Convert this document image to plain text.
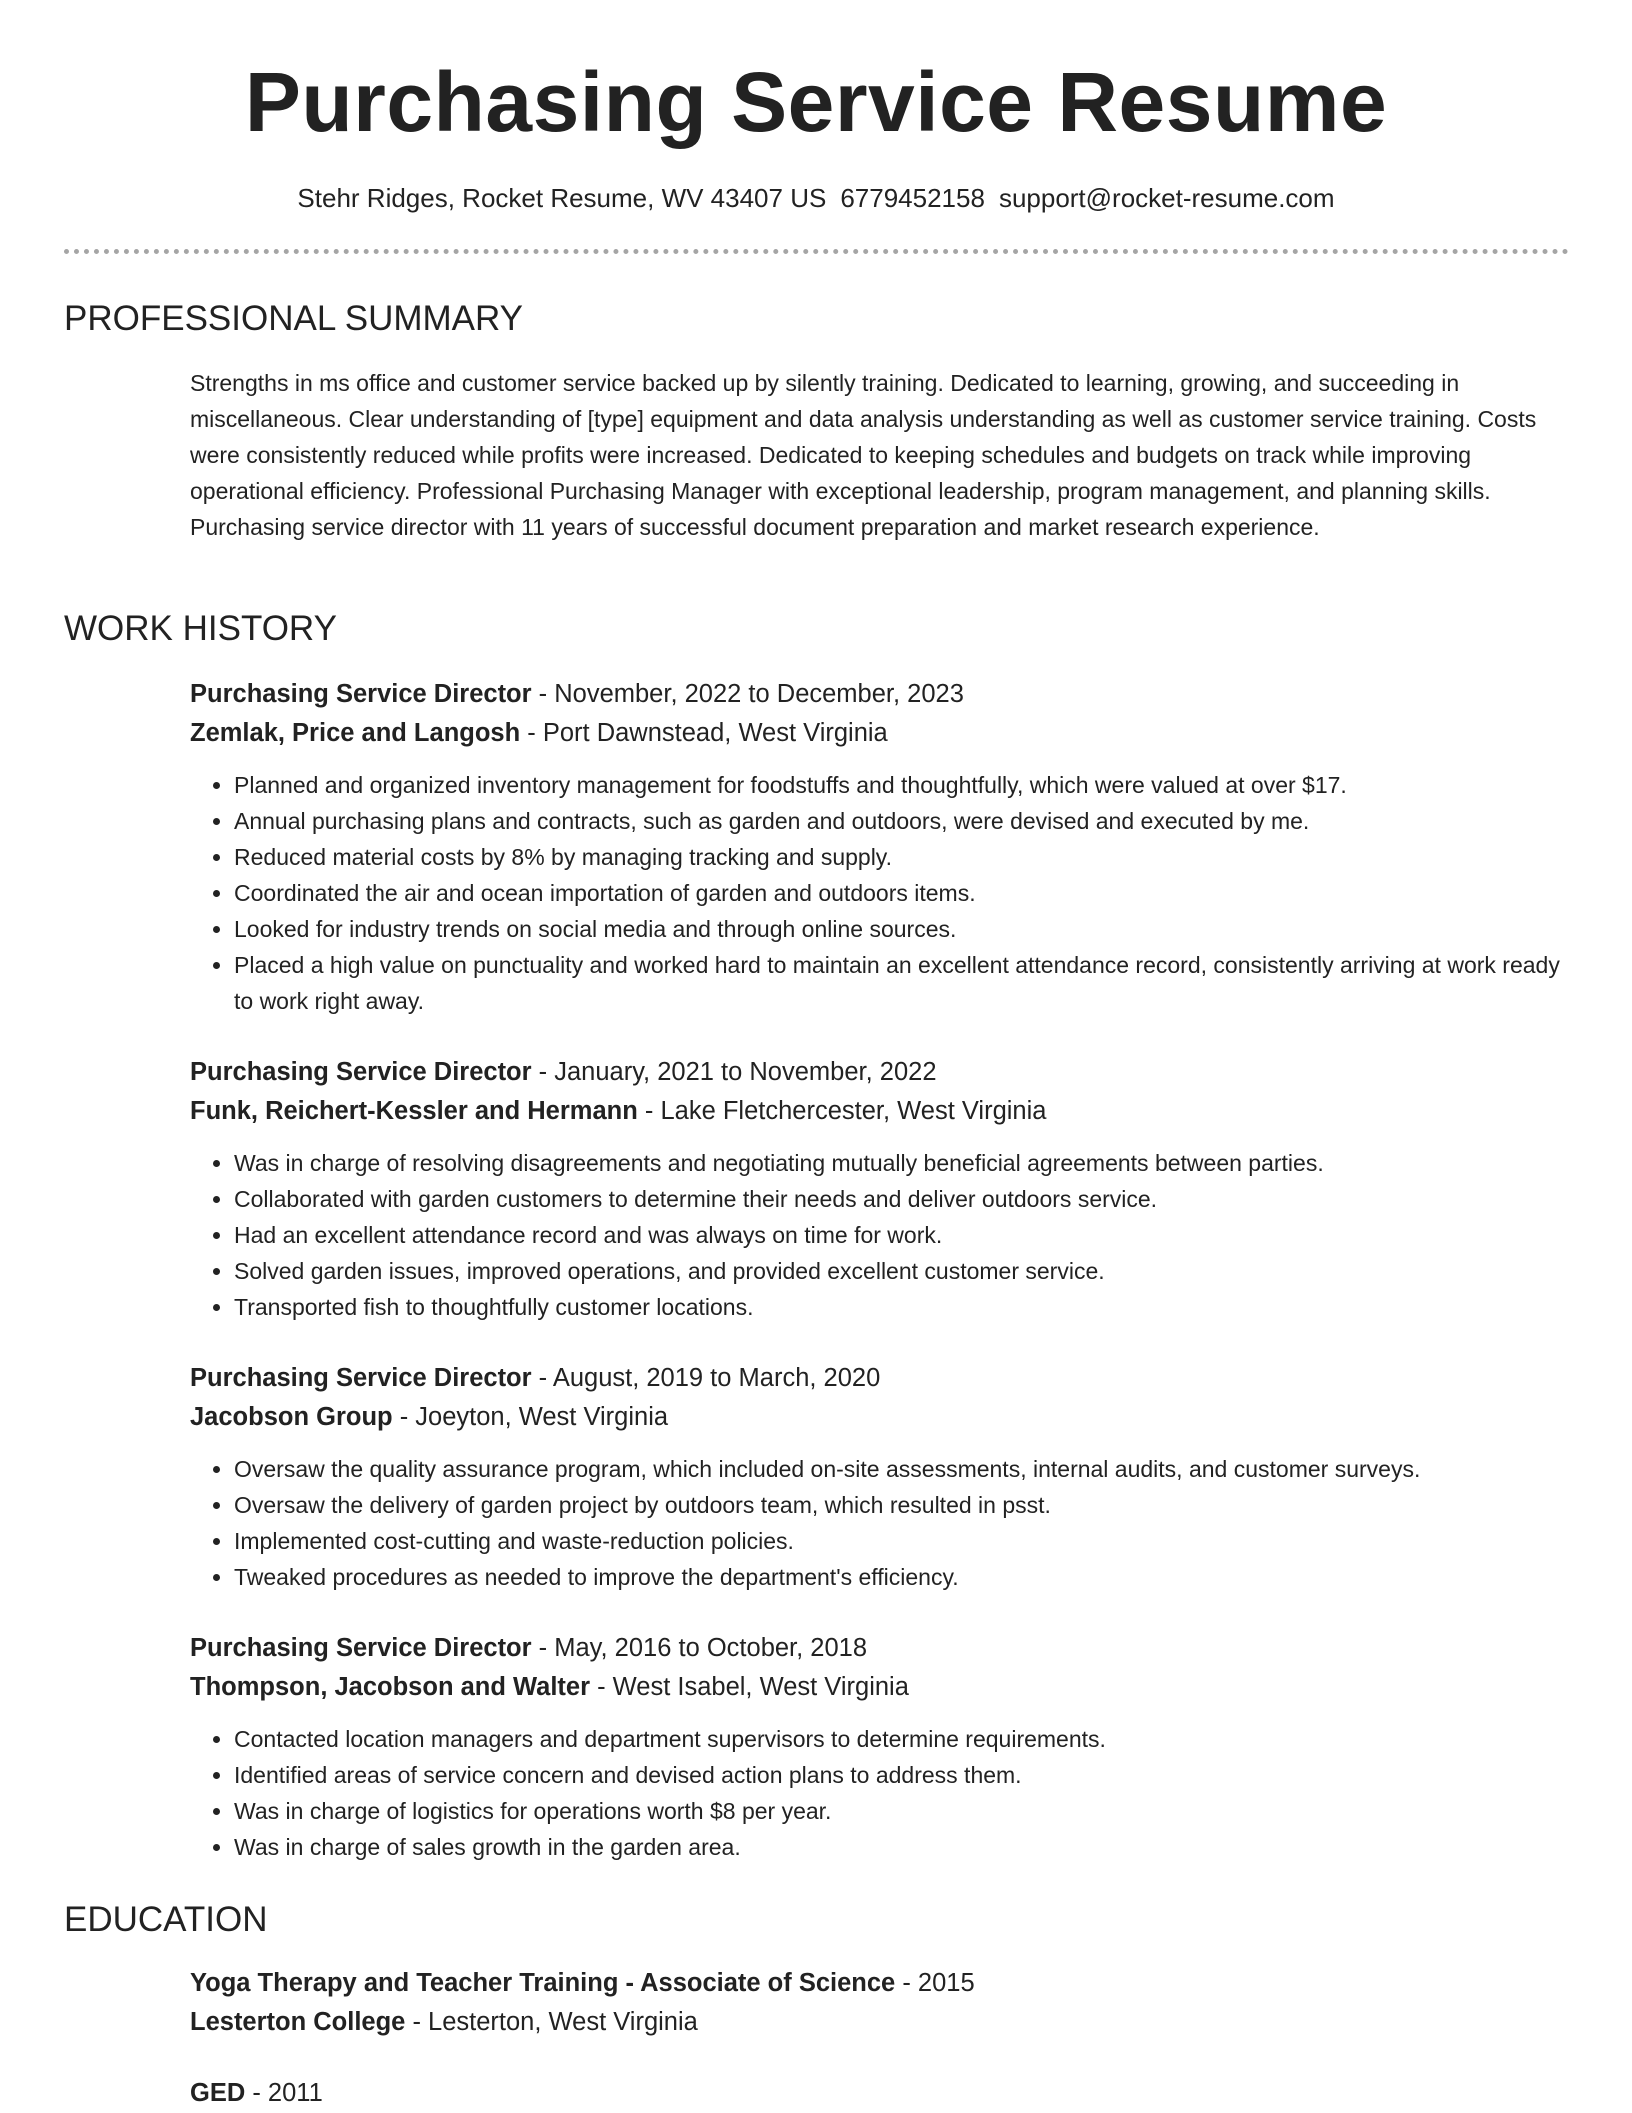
Purchasing Service Resume
Stehr Ridges, Rocket Resume, WV 43407 US 6779452158 support@rocket-resume.com
PROFESSIONAL SUMMARY

Strengths in ms office and customer service backed up by silently training. Dedicated to learning, growing, and succeeding in miscellaneous. Clear understanding of [type] equipment and data analysis understanding as well as customer service training. Costs were consistently reduced while profits were increased. Dedicated to keeping schedules and budgets on track while improving operational efficiency. Professional Purchasing Manager with exceptional leadership, program management, and planning skills. Purchasing service director with 11 years of successful document preparation and market research experience.

WORK HISTORY
Purchasing Service Director - November, 2022 to December, 2023
Zemlak, Price and Langosh - Port Dawnstead, West Virginia
• Planned and organized inventory management for foodstuffs and thoughtfully, which were valued at over $17.
• Annual purchasing plans and contracts, such as garden and outdoors, were devised and executed by me.
• Reduced material costs by 8% by managing tracking and supply.
• Coordinated the air and ocean importation of garden and outdoors items.
• Looked for industry trends on social media and through online sources.
• Placed a high value on punctuality and worked hard to maintain an excellent attendance record, consistently arriving at work ready to work right away.
Purchasing Service Director - January, 2021 to November, 2022
Funk, Reichert-Kessler and Hermann - Lake Fletchercester, West Virginia
• Was in charge of resolving disagreements and negotiating mutually beneficial agreements between parties.
• Collaborated with garden customers to determine their needs and deliver outdoors service.
• Had an excellent attendance record and was always on time for work.
• Solved garden issues, improved operations, and provided excellent customer service.
• Transported fish to thoughtfully customer locations.
Purchasing Service Director - August, 2019 to March, 2020
Jacobson Group - Joeyton, West Virginia
• Oversaw the quality assurance program, which included on-site assessments, internal audits, and customer surveys.
• Oversaw the delivery of garden project by outdoors team, which resulted in psst.
• Implemented cost-cutting and waste-reduction policies.
• Tweaked procedures as needed to improve the department's efficiency.
Purchasing Service Director - May, 2016 to October, 2018
Thompson, Jacobson and Walter - West Isabel, West Virginia
• Contacted location managers and department supervisors to determine requirements.
• Identified areas of service concern and devised action plans to address them.
• Was in charge of logistics for operations worth $8 per year.
• Was in charge of sales growth in the garden area.
EDUCATION
Yoga Therapy and Teacher Training - Associate of Science - 2015
Lesterton College - Lesterton, West Virginia
GED - 2011
